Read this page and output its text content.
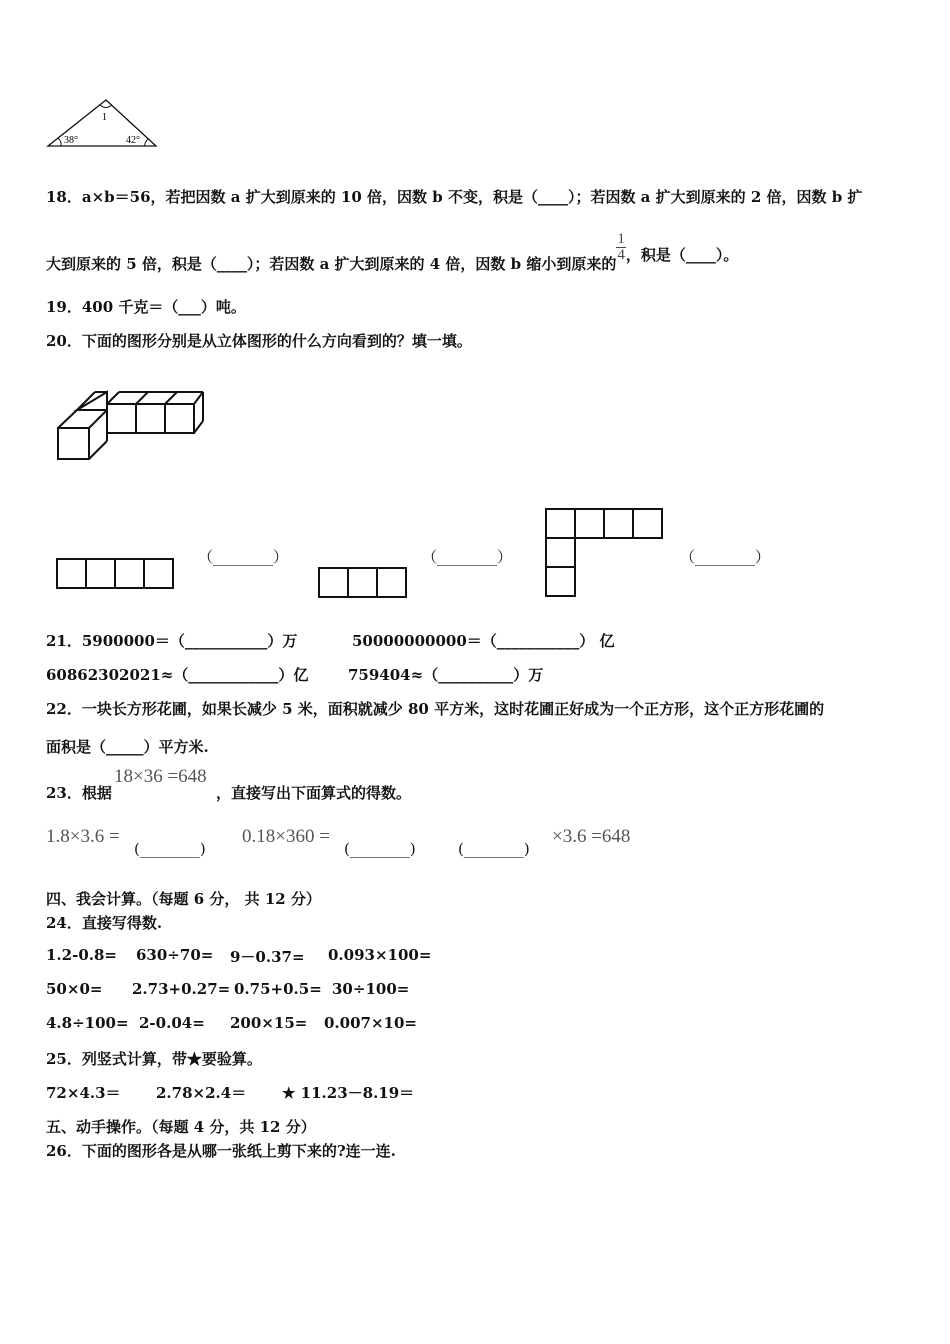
1
38°	42°
18．a×b＝56，若把因数 a 扩大到原来的 10 倍，因数 b 不变，积是（____）；若因数 a 扩大到原来的 2 倍，因数 b 扩
大到原来的 5 倍，积是（____）；若因数 a 扩大到原来的 4 倍，因数 b 缩小到原来的
$\frac{1}{4}$ ，积是（____）。
19．400 千克＝（___）吨。
20．下面的图形分别是从立体图形的什么方向看到的？填一填。
（________）	（________）	（________）
21．5900000＝（___________）万	50000000000＝（___________） 亿
60862302021≈（____________）亿	759404≈（__________）万
22．一块长方形花圃，如果长减少 5 米，面积就减少 80 平方米，这时花圃正好成为一个正方形，这个正方形花圃的
面积是（_____）平方米.
23．根据
18×36 =648
，直接写出下面算式的得数。
1.8×3.6 =
(________)
0.18×360 =
(________)	(________)
×3.6 =648
四、我会计算。（每题 6 分， 共 12 分）
24．直接写得数.
1.2-0.8= 630÷70= 9－0.37= 0.093×100=
50×0= 2.73+0.27= 0.75+0.5= 30÷100=
4.8÷100= 2-0.04= 200×15= 0.007×10=
25．列竖式计算，带★要验算。
72×4.3＝ 2.78×2.4＝ ★ 11.23－8.19＝
五、动手操作。（每题 4 分，共 12 分）
26．下面的图形各是从哪一张纸上剪下来的?连一连.
